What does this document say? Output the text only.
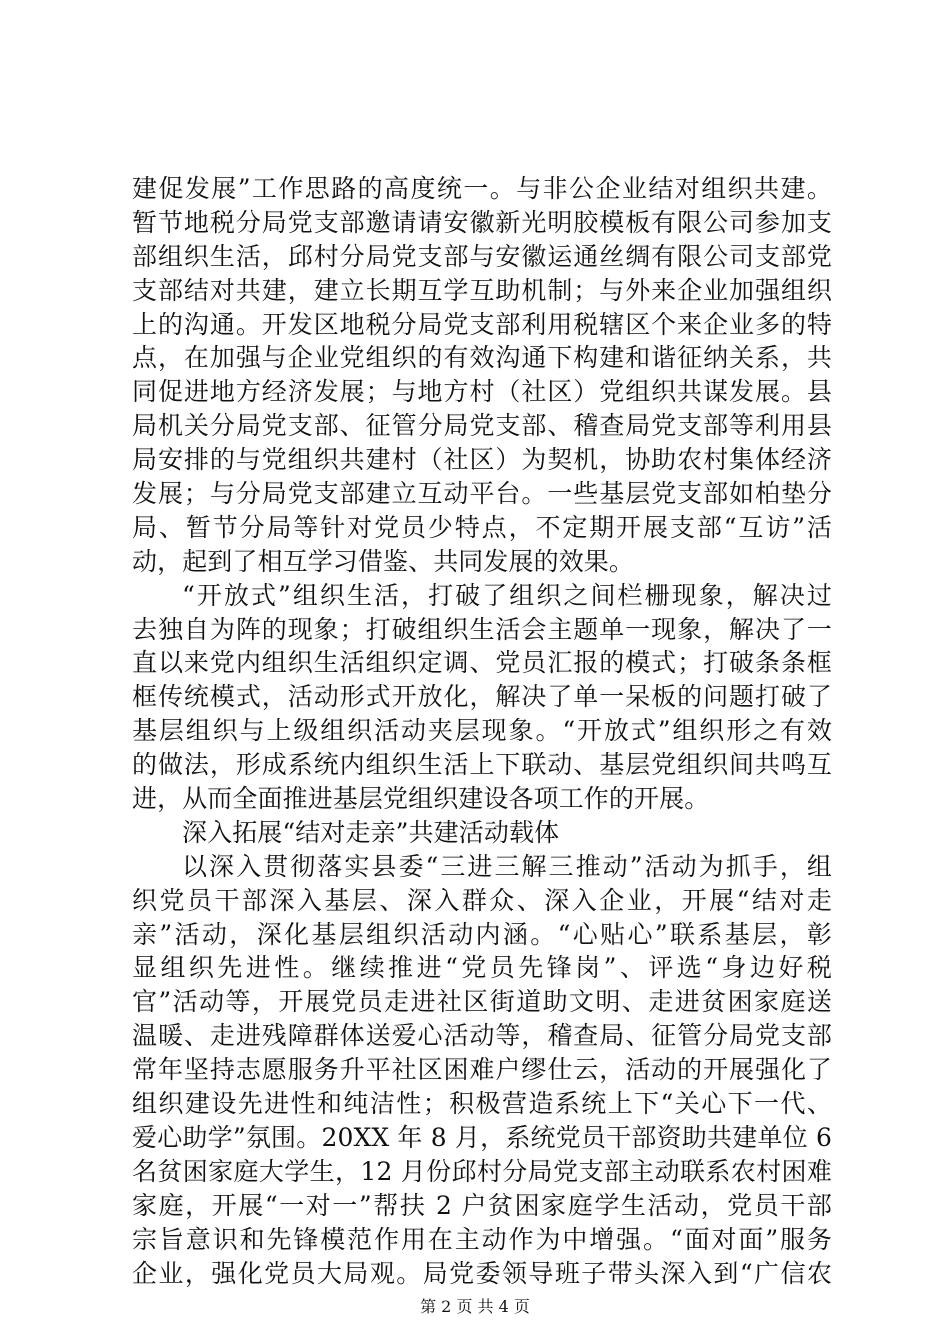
建促发展”工作思路的高度统一。与非公企业结对组织共建。
暂节地税分局党支部邀请请安徽新光明胶模板有限公司参加支
部组织生活，邱村分局党支部与安徽运通丝绸有限公司支部党
支部结对共建，建立长期互学互助机制；与外来企业加强组织
上的沟通。开发区地税分局党支部利用税辖区个来企业多的特
点，在加强与企业党组织的有效沟通下构建和谐征纳关系，共
同促进地方经济发展；与地方村（社区）党组织共谋发展。县
局机关分局党支部、征管分局党支部、稽查局党支部等利用县
局安排的与党组织共建村（社区）为契机，协助农村集体经济
发展；与分局党支部建立互动平台。一些基层党支部如柏垫分
局、暂节分局等针对党员少特点，不定期开展支部“互访”活
动，起到了相互学习借鉴、共同发展的效果。
“开放式”组织生活，打破了组织之间栏栅现象，解决过
去独自为阵的现象；打破组织生活会主题单一现象，解决了一
直以来党内组织生活组织定调、党员汇报的模式；打破条条框
框传统模式，活动形式开放化，解决了单一呆板的问题打破了
基层组织与上级组织活动夹层现象。“开放式”组织形之有效
的做法，形成系统内组织生活上下联动、基层党组织间共鸣互
进，从而全面推进基层党组织建设各项工作的开展。
深入拓展“结对走亲”共建活动载体
以深入贯彻落实县委“三进三解三推动”活动为抓手，组
织党员干部深入基层、深入群众、深入企业，开展“结对走
亲”活动，深化基层组织活动内涵。“心贴心”联系基层，彰
显组织先进性。继续推进“党员先锋岗”、评选“身边好税
官”活动等，开展党员走进社区街道助文明、走进贫困家庭送
温暖、走进残障群体送爱心活动等，稽查局、征管分局党支部
常年坚持志愿服务升平社区困难户缪仕云，活动的开展强化了
组织建设先进性和纯洁性；积极营造系统上下“关心下一代、
爱心助学”氛围。20XX 年 8 月，系统党员干部资助共建单位 6
名贫困家庭大学生，12 月份邱村分局党支部主动联系农村困难
家庭，开展“一对一”帮扶 2 户贫困家庭学生活动，党员干部
宗旨意识和先锋模范作用在主动作为中增强。“面对面”服务
企业，强化党员大局观。局党委领导班子带头深入到“广信农
第 2 页 共 4 页
